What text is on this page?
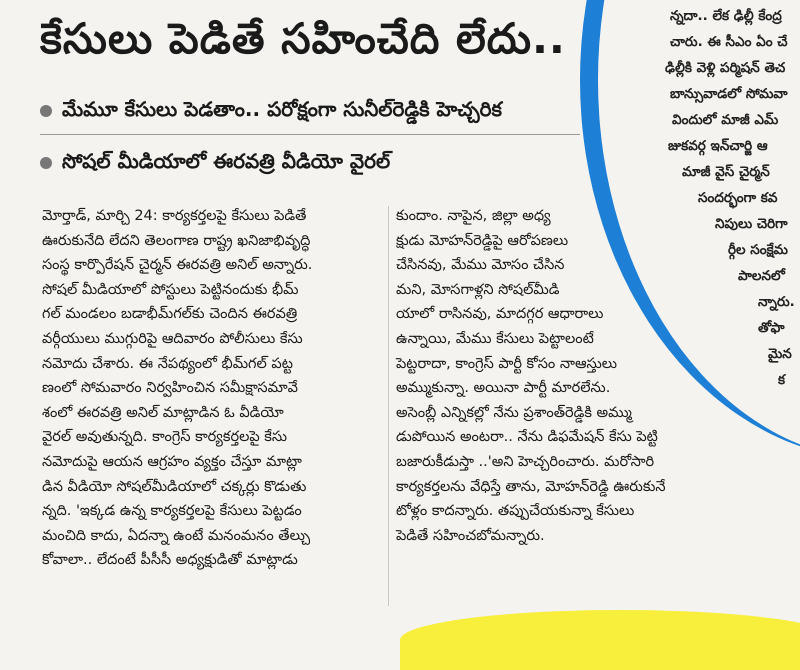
న్నదా.. లేక ఢిల్లీ కేంద్ర
చారు. ఈ సీఎం ఏం చే
ఢిల్లీకి వెళ్లి పర్మిషన్ తెచ
బాన్సువాడలో సోమవా
విందులో మాజీ ఎమ్
జుకవర్గ ఇన్‌చార్జి ఆ
మాజీ వైస్ చైర్మన్
సందర్భంగా కవ
నిపులు చెరిగా
ర్గీల సంక్షేమ
పాలనలో
న్నారు.
తోఫా
మైన
క
కేసులు పెడితే సహించేది లేదు..
మేమూ కేసులు పెడతాం.. పరోక్షంగా సునీల్‌రెడ్డికి హెచ్చరిక
సోషల్ మీడియాలో ఈరవత్రి వీడియో వైరల్

మోర్తాడ్, మార్చి 24: కార్యకర్తలపై కేసులు పెడితే

ఊరుకునేది లేదని తెలంగాణ రాష్ట్ర ఖనిజాభివృద్ధి

సంస్థ కార్పొరేషన్ చైర్మన్ ఈరవత్రి అనిల్ అన్నారు.

సోషల్ మీడియాలో పోస్టులు పెట్టినందుకు భీమ్

గల్ మండలం బడాభీమ్‌గల్‌కు చెందిన ఈరవత్రి

వర్గీయులు ముగ్గురిపై ఆదివారం పోలీసులు కేసు

నమోదు చేశారు. ఈ నేపథ్యంలో భీమ్‌గల్ పట్ట

ణంలో సోమవారం నిర్వహించిన సమీక్షాసమావే

శంలో ఈరవత్రి అనిల్ మాట్లాడిన ఓ వీడియో

వైరల్ అవుతున్నది. కాంగ్రెస్ కార్యకర్తలపై కేసు

నమోదుపై ఆయన ఆగ్రహం వ్యక్తం చేస్తూ మాట్లా

డిన వీడియో సోషల్‌మీడియాలో చక్కర్లు కొడుతు

న్నది. 'ఇక్కడ ఉన్న కార్యకర్తలపై కేసులు పెట్టడం

మంచిది కాదు, ఏదన్నా ఉంటే మనంమనం తేల్చు

కోవాలా.. లేదంటే పీసీసీ అధ్యక్షుడితో మాట్లాడు

కుందాం. నాపైన, జిల్లా అధ్య

క్షుడు మోహన్‌రెడ్డిపై ఆరోపణలు

చేసినవు, మేము మోసం చేసిన

మని, మోసగాళ్లని సోషల్‌మీడి

యాలో రాసినవు, మాదగ్గర ఆధారాలు

ఉన్నాయి, మేము కేసులు పెట్టాలంటే

పెట్టరాదా, కాంగ్రెస్ పార్టీ కోసం నాఆస్తులు

అమ్ముకున్నా. అయినా పార్టీ మారలేను.

అసెంబ్లీ ఎన్నికల్లో నేను ప్రశాంత్‌రెడ్డికి అమ్ము

డుపోయిన అంటరా.. నేను డిఫమేషన్ కేసు పెట్టి

బజారుకీడుస్తా ..'అని హెచ్చరించారు. మరోసారి

కార్యకర్తలను వేధిస్తే తాను, మోహన్‌రెడ్డి ఊరుకునే

టోళ్లం కాదన్నారు. తప్పుచేయకున్నా కేసులు

పెడితే సహించబోమన్నారు.
